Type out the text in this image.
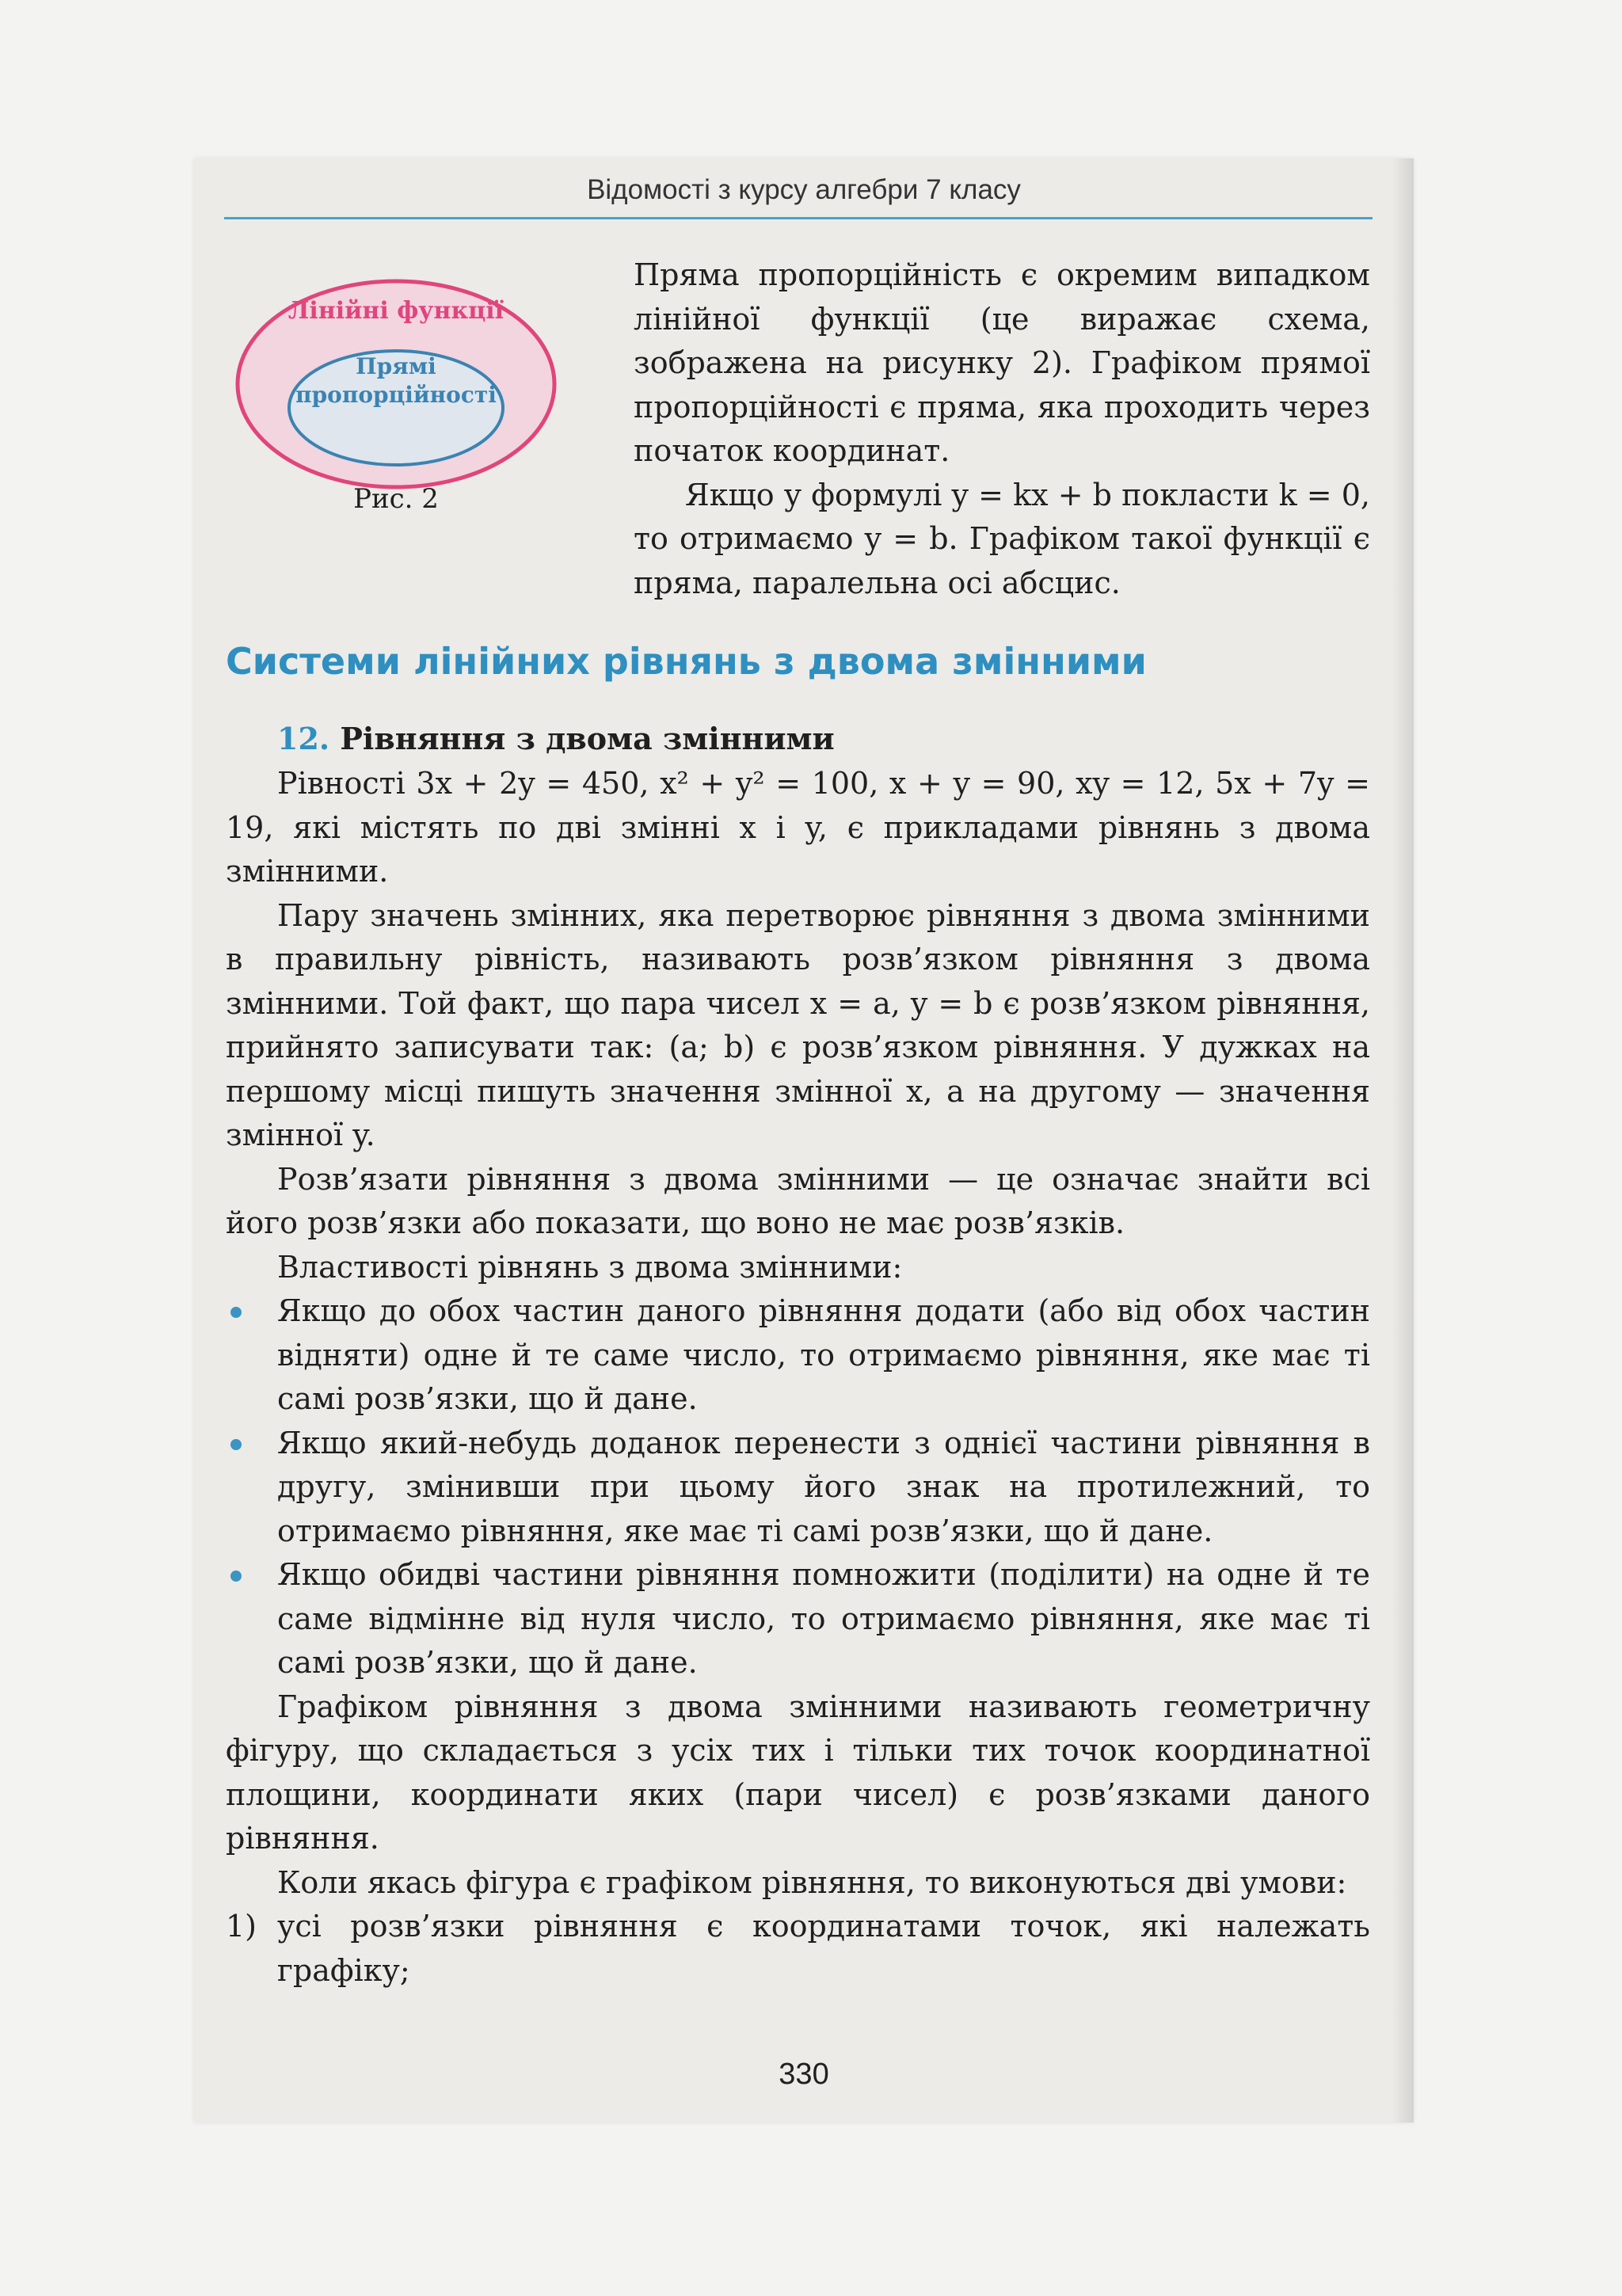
Відомості з курсу алгебри 7 класу
Лінійні функції
Прямі пропорційності
Рис. 2

Пряма пропорційність є окремим випадком лінійної функції (це виражає схема, зображена на рисунку 2). Графіком прямої пропорційності є пряма, яка проходить через початок координат.

Якщо у формулі y = kx + b покласти k = 0, то отримаємо y = b. Графіком такої функції є пряма, паралельна осі абсцис.

Системи лінійних рівнянь з двома змінними
12. Рівняння з двома змінними

Рівності 3x + 2y = 450, x² + y² = 100, x + y = 90, xy = 12, 5x + 7y = 19, які містять по дві змінні x і y, є прикладами рівнянь з двома змінними.

Пару значень змінних, яка перетворює рівняння з двома змінними в правильну рівність, називають розв’язком рівняння з двома змінними. Той факт, що пара чисел x = a, y = b є розв’язком рівняння, прийнято записувати так: (a; b) є розв’язком рівняння. У дужках на першому місці пишуть значення змінної x, а на другому — значення змінної y.

Розв’язати рівняння з двома змінними — це означає знайти всі його розв’язки або показати, що воно не має розв’язків.

Властивості рівнянь з двома змінними:

Якщо до обох частин даного рівняння додати (або від обох частин відняти) одне й те саме число, то отримаємо рівняння, яке має ті самі розв’язки, що й дане.

Якщо який-небудь доданок перенести з однієї частини рівняння в другу, змінивши при цьому його знак на протилежний, то отримаємо рівняння, яке має ті самі розв’язки, що й дане.

Якщо обидві частини рівняння помножити (поділити) на одне й те саме відмінне від нуля число, то отримаємо рівняння, яке має ті самі розв’язки, що й дане.

Графіком рівняння з двома змінними називають геометричну фігуру, що складається з усіх тих і тільки тих точок координатної площини, координати яких (пари чисел) є розв’язками даного рівняння.

Коли якась фігура є графіком рівняння, то виконуються дві умови:

1) усі розв’язки рівняння є координатами точок, які належать графіку;

330
